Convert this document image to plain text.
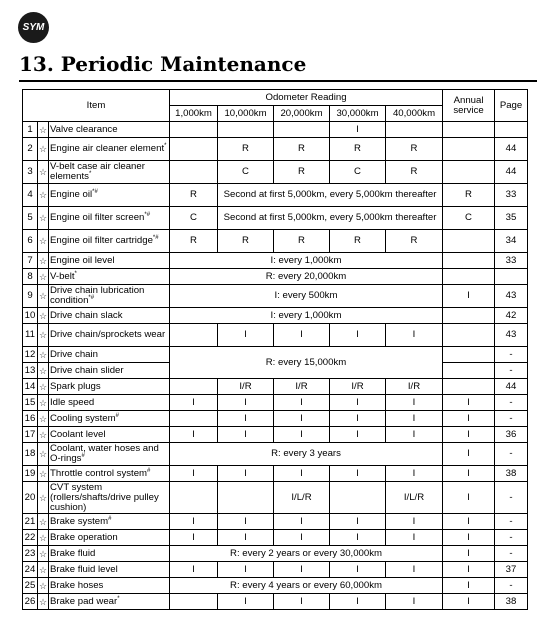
SYM
13. Periodic Maintenance
Item			Odometer Reading					Annual service	Page
			1,000km	10,000km	20,000km	30,000km	40,000km		
1	☆	Valve clearance				I			
2	☆	Engine air cleaner element*		R	R	R	R		44
3	☆	V-belt case air cleaner elements*		C	R	C	R		44
4	☆	Engine oil*#	R	Second at first 5,000km, every 5,000km thereafter				R	33
5	☆	Engine oil filter screen*#	C	Second at first 5,000km, every 5,000km thereafter				C	35
6	☆	Engine oil filter cartridge*#	R	R	R	R	R		34
7	☆	Engine oil level	I: every 1,000km						33
8	☆	V-belt*	R: every 20,000km						
9	☆	Drive chain lubrication condition*#	I: every 500km					I	43
10	☆	Drive chain slack	I: every 1,000km						42
11	☆	Drive chain/sprockets wear		I	I	I	I		43
12	☆	Drive chain	R: every 15,000km						-
13	☆	Drive chain slider							-
14	☆	Spark plugs		I/R	I/R	I/R	I/R		44
15	☆	Idle speed	I	I	I	I	I	I	-
16	☆	Cooling system#		I	I	I	I	I	-
17	☆	Coolant level	I	I	I	I	I	I	36
18	☆	Coolant, water hoses and O-rings#	R: every 3 years					I	-
19	☆	Throttle control system#	I	I	I	I	I	I	38
20	☆	CVT system (rollers/shafts/drive pulley cushion)			I/L/R		I/L/R	I	-
21	☆	Brake system#	I	I	I	I	I	I	-
22	☆	Brake operation	I	I	I	I	I	I	-
23	☆	Brake fluid	R: every 2 years or every 30,000km					I	-
24	☆	Brake fluid level	I	I	I	I	I	I	37
25	☆	Brake hoses	R: every 4 years or every 60,000km					I	-
26	☆	Brake pad wear*		I	I	I	I	I	38
